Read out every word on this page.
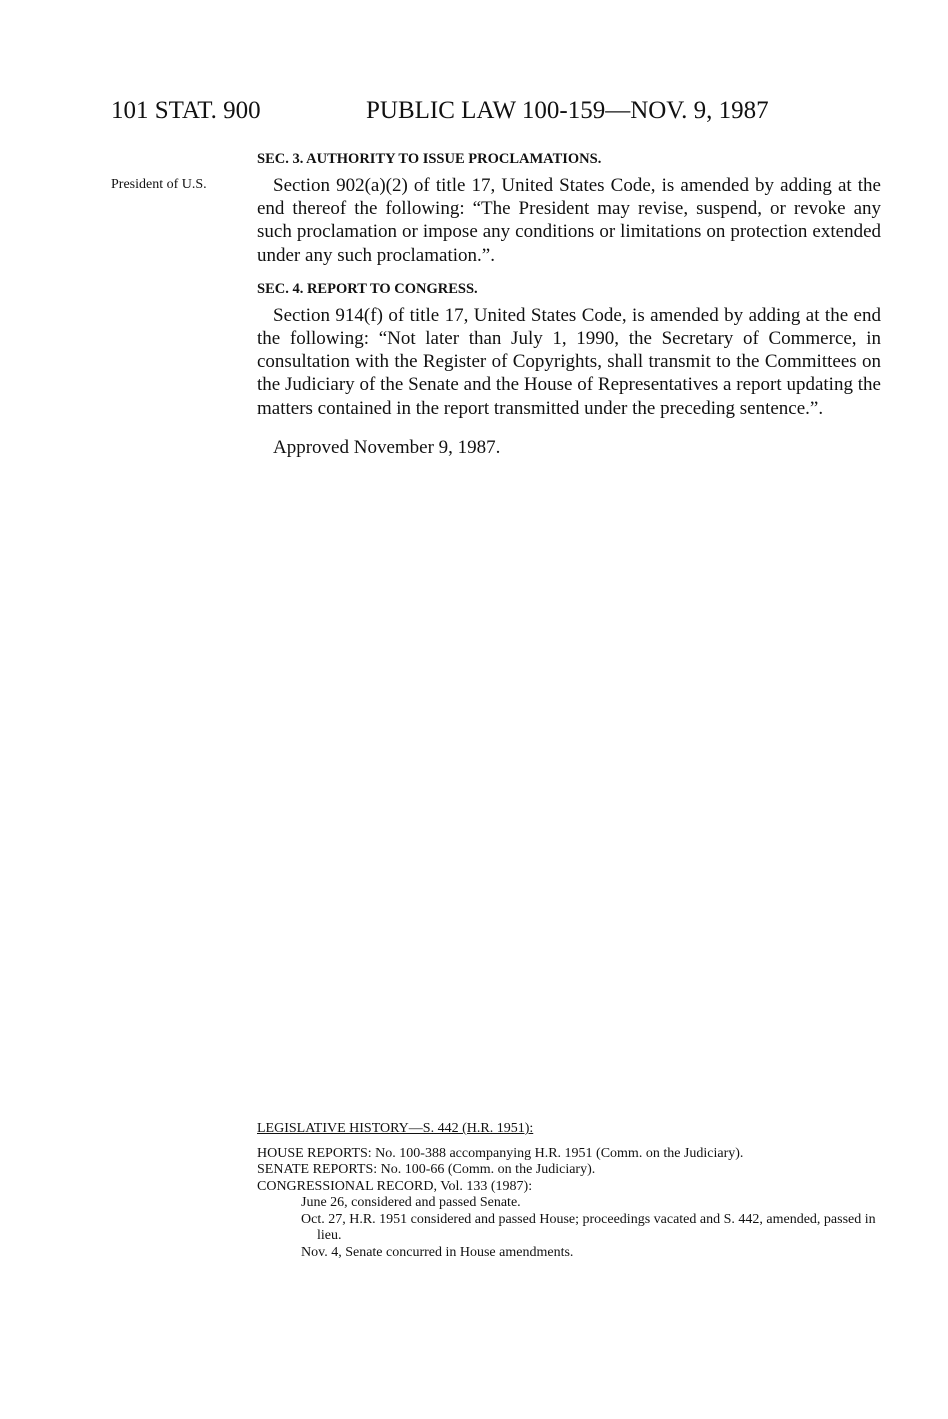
101 STAT. 900	PUBLIC LAW 100-159—NOV. 9, 1987
President of U.S.

SEC. 3. AUTHORITY TO ISSUE PROCLAMATIONS.

Section 902(a)(2) of title 17, United States Code, is amended by adding at the end thereof the following: “The President may revise, suspend, or revoke any such proclamation or impose any conditions or limitations on protection extended under any such proclamation.”.

SEC. 4. REPORT TO CONGRESS.

Section 914(f) of title 17, United States Code, is amended by adding at the end the following: “Not later than July 1, 1990, the Secretary of Commerce, in consultation with the Register of Copyrights, shall transmit to the Committees on the Judiciary of the Senate and the House of Representatives a report updating the matters contained in the report transmitted under the preceding sentence.”.

Approved November 9, 1987.

LEGISLATIVE HISTORY—S. 442 (H.R. 1951):

HOUSE REPORTS: No. 100-388 accompanying H.R. 1951 (Comm. on the Judiciary).

SENATE REPORTS: No. 100-66 (Comm. on the Judiciary).

CONGRESSIONAL RECORD, Vol. 133 (1987):

June 26, considered and passed Senate.

Oct. 27, H.R. 1951 considered and passed House; proceedings vacated and S. 442, amended, passed in lieu.

Nov. 4, Senate concurred in House amendments.
